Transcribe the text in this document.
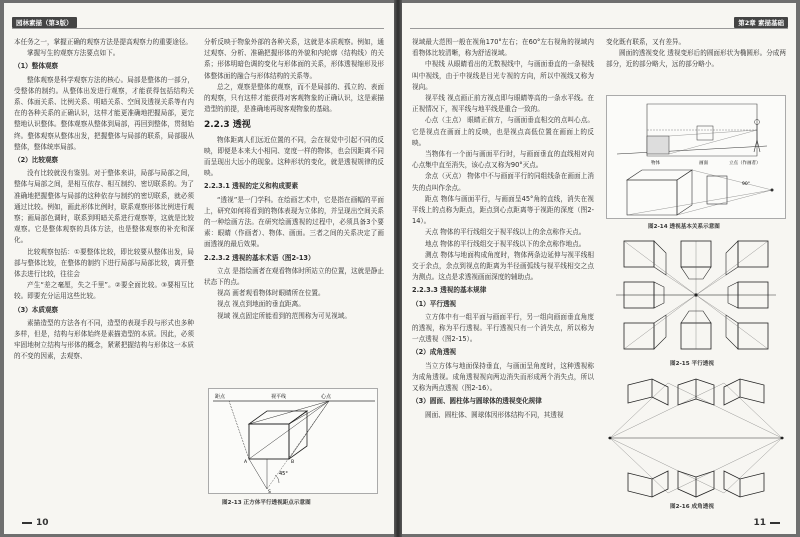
园林素描（第3版）

本任务之一，掌握正确的观察方法是提高观察力的重要途径。

掌握写生的观察方法要点如下。

（1）整体观察

整体观察是科学观察方法的核心。局部是整体的一部分，受整体的制约。从整体出发进行观察，才能获得包括结构关系、体面关系、比例关系、明暗关系、空间及透视关系等有内在的各种关系的正确认识，这样才能更准确地把握局部，更完整地认识整体。整体观察从整体到局部，再回到整体，贯彻始终。整体观察从整体出发，把握整体与局部的联系，局部服从整体，整体统率局部。

（2）比较观察

没有比较就没有鉴别。对于整体来讲，局部与局部之间，整体与局部之间，是相互依存、相互制约、密切联系的。为了准确地把握整体与局部的这种依存与制约的密切联系，就必须通过比较。例如，画此形体比例时，联系观察形体比例进行观察；画局部色调时，联系到明暗关系进行观察等，这就是比较观察。它是整体观察的具体方法，也是整体观察的补充和深化。

比较观察包括：①要整体比较，即比较要从整体出发，局部与整体比较，在整体的制约下进行局部与局部比较，离开整体去进行比较，往往会

产生“差之毫厘，失之千里”。②要全面比较。③要相互比较。即要充分运用这些比较。

（3）本质观察

素描造型的方法各有不同，造型的表现手段与形式也多种多样，但是，结构与形体始终是素描造型的本质。因此，必须牢固地树立结构与形体的概念，紧紧把握结构与形体这一本质的不变的因素，去观察、

分析反映于物象外部的各种关系，这就是本质观察。例如，通过观察、分析、准确把握形体的外貌和内轮廓（结构线）的关系；形体明暗色调的变化与形体面的关系，形体透视缩形及形体整体面的融合与形体结构的关系等。

总之，观察是整体的观察，而不是局部的、孤立的、表面的观察，只有这样才能获得对客观物象的正确认识，这是素描造型的前提，是准确地再现客观物象的基础。

2.2.3 透视

物体距离人们远近位置的不同，会在视觉中引起不同的反映，即便是本来大小相同、宽度一样的物体，也会因距离不同而呈现出大远小的现象。这种形状的变化，就是透视规律的反映。

2.2.3.1 透视的定义和构成要素

“透视”是一门学科。在绘画艺术中，它是指在画幅的平面上，研究如何将看到的物体表现为立体的，并呈现出空间关系的一种绘画方法。在研究绘画透视的过程中，必须具备3个要素：眼睛（作画者）、物体、画面。三者之间的关系决定了画面透视的最后效果。

2.2.3.2 透视的基本术语（图2-13）

立点 是指绘画者在观看物体时所站立的位置，这就是静止状态下的点。

视高 画者观看物体时眼睛所在位置。

视点 视点到地面的垂直距离。

视域 视点固定所能看到的范围称为可见视域。

距点	视平线	心点
45°
A	B
S
图2-13 正方体平行透视距点示意图
10
第2章 素描基础

视域最大范围一般在视角170°左右；在60°左右视角的视域内看物体比较清晰，称为舒适视域。

中视线 从眼睛看出的无数视线中，与画面垂直的一条视线叫中视线，由于中视线是目光专视的方向，所以中视线又称为视向。

视平线 视点画正前方视点即与眼睛等高的一条水平线。在正视情况下，视平线与地平线是重合一致的。

心点（主点） 眼睛正前方，与画面垂直相交的点叫心点。它是视点在画面上的反映，也是视点高低位置在画面上的反映。

当物体有一个面与画面平行时，与画面垂直的直线相对向心点集中直至消失，该心点又称为90°灭点。

余点（灭点） 物体中不与画面平行的同组线条在画面上消失的点叫作余点。

距点 物体与画面平行，与画面呈45°角的直线，消失在视平线上的点称为距点，距点到心点距离等于视距的深度（图2-14）。

天点 物体的平行线组交于视平线以上的余点称作天点。

地点 物体的平行线组交于视平线以下的余点称作地点。

测点 物体与地面构成角度时，物体两条边延伸与视平线相交于余点，余点到视点的距离为半径画弧线与视平线相交之点为测点。这点是求透视画面深度的辅助点。

2.2.3.3 透视的基本规律

（1）平行透视

立方体中有一组平面与画面平行，另一组向画面垂直角度的透视，称为平行透视。平行透视只有一个消失点，所以称为一点透视（图2-15）。

（2）成角透视

当立方体与地面保持垂直，与画面呈角度时，这种透视称为成角透视。成角透视视向两边消失而形成两个消失点，所以又称为两点透视（图2-16）。

（3）圆面、圆柱体与圆球体的透视变化规律

圆面、圆柱体、圆球体因形体结构不同，其透视

变化既有联系，又有差异。

圆面的透视变化 透视变形后的圆面形状为椭圆形。分成两部分，近的部分略大，远的部分略小。

90°
物体	画面	立点（作画者）
图2-14 透视基本关系示意图
图2-15 平行透视
图2-16 成角透视
11
